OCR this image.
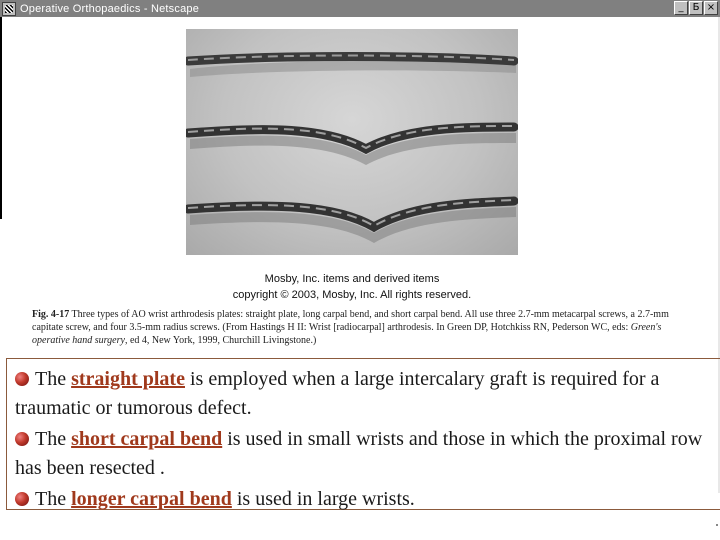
Operative Orthopaedics - Netscape	_ Б ×
Mosby, Inc. items and derived items
copyright © 2003, Mosby, Inc. All rights reserved.
Fig. 4-17 Three types of AO wrist arthrodesis plates: straight plate, long carpal bend, and short carpal bend. All use three 2.7-mm metacarpal screws, a 2.7-mm capitate screw, and four 3.5-mm radius screws. (From Hastings H II: Wrist [radiocarpal] arthrodesis. In Green DP, Hotchkiss RN, Pederson WC, eds: Green's operative hand surgery, ed 4, New York, 1999, Churchill Livingstone.)
The straight plate is employed when a large intercalary graft is required for a traumatic or tumorous defect.
The short carpal bend is used in small wrists and those in which the proximal row has been resected .
The longer carpal bend is used in large wrists.
